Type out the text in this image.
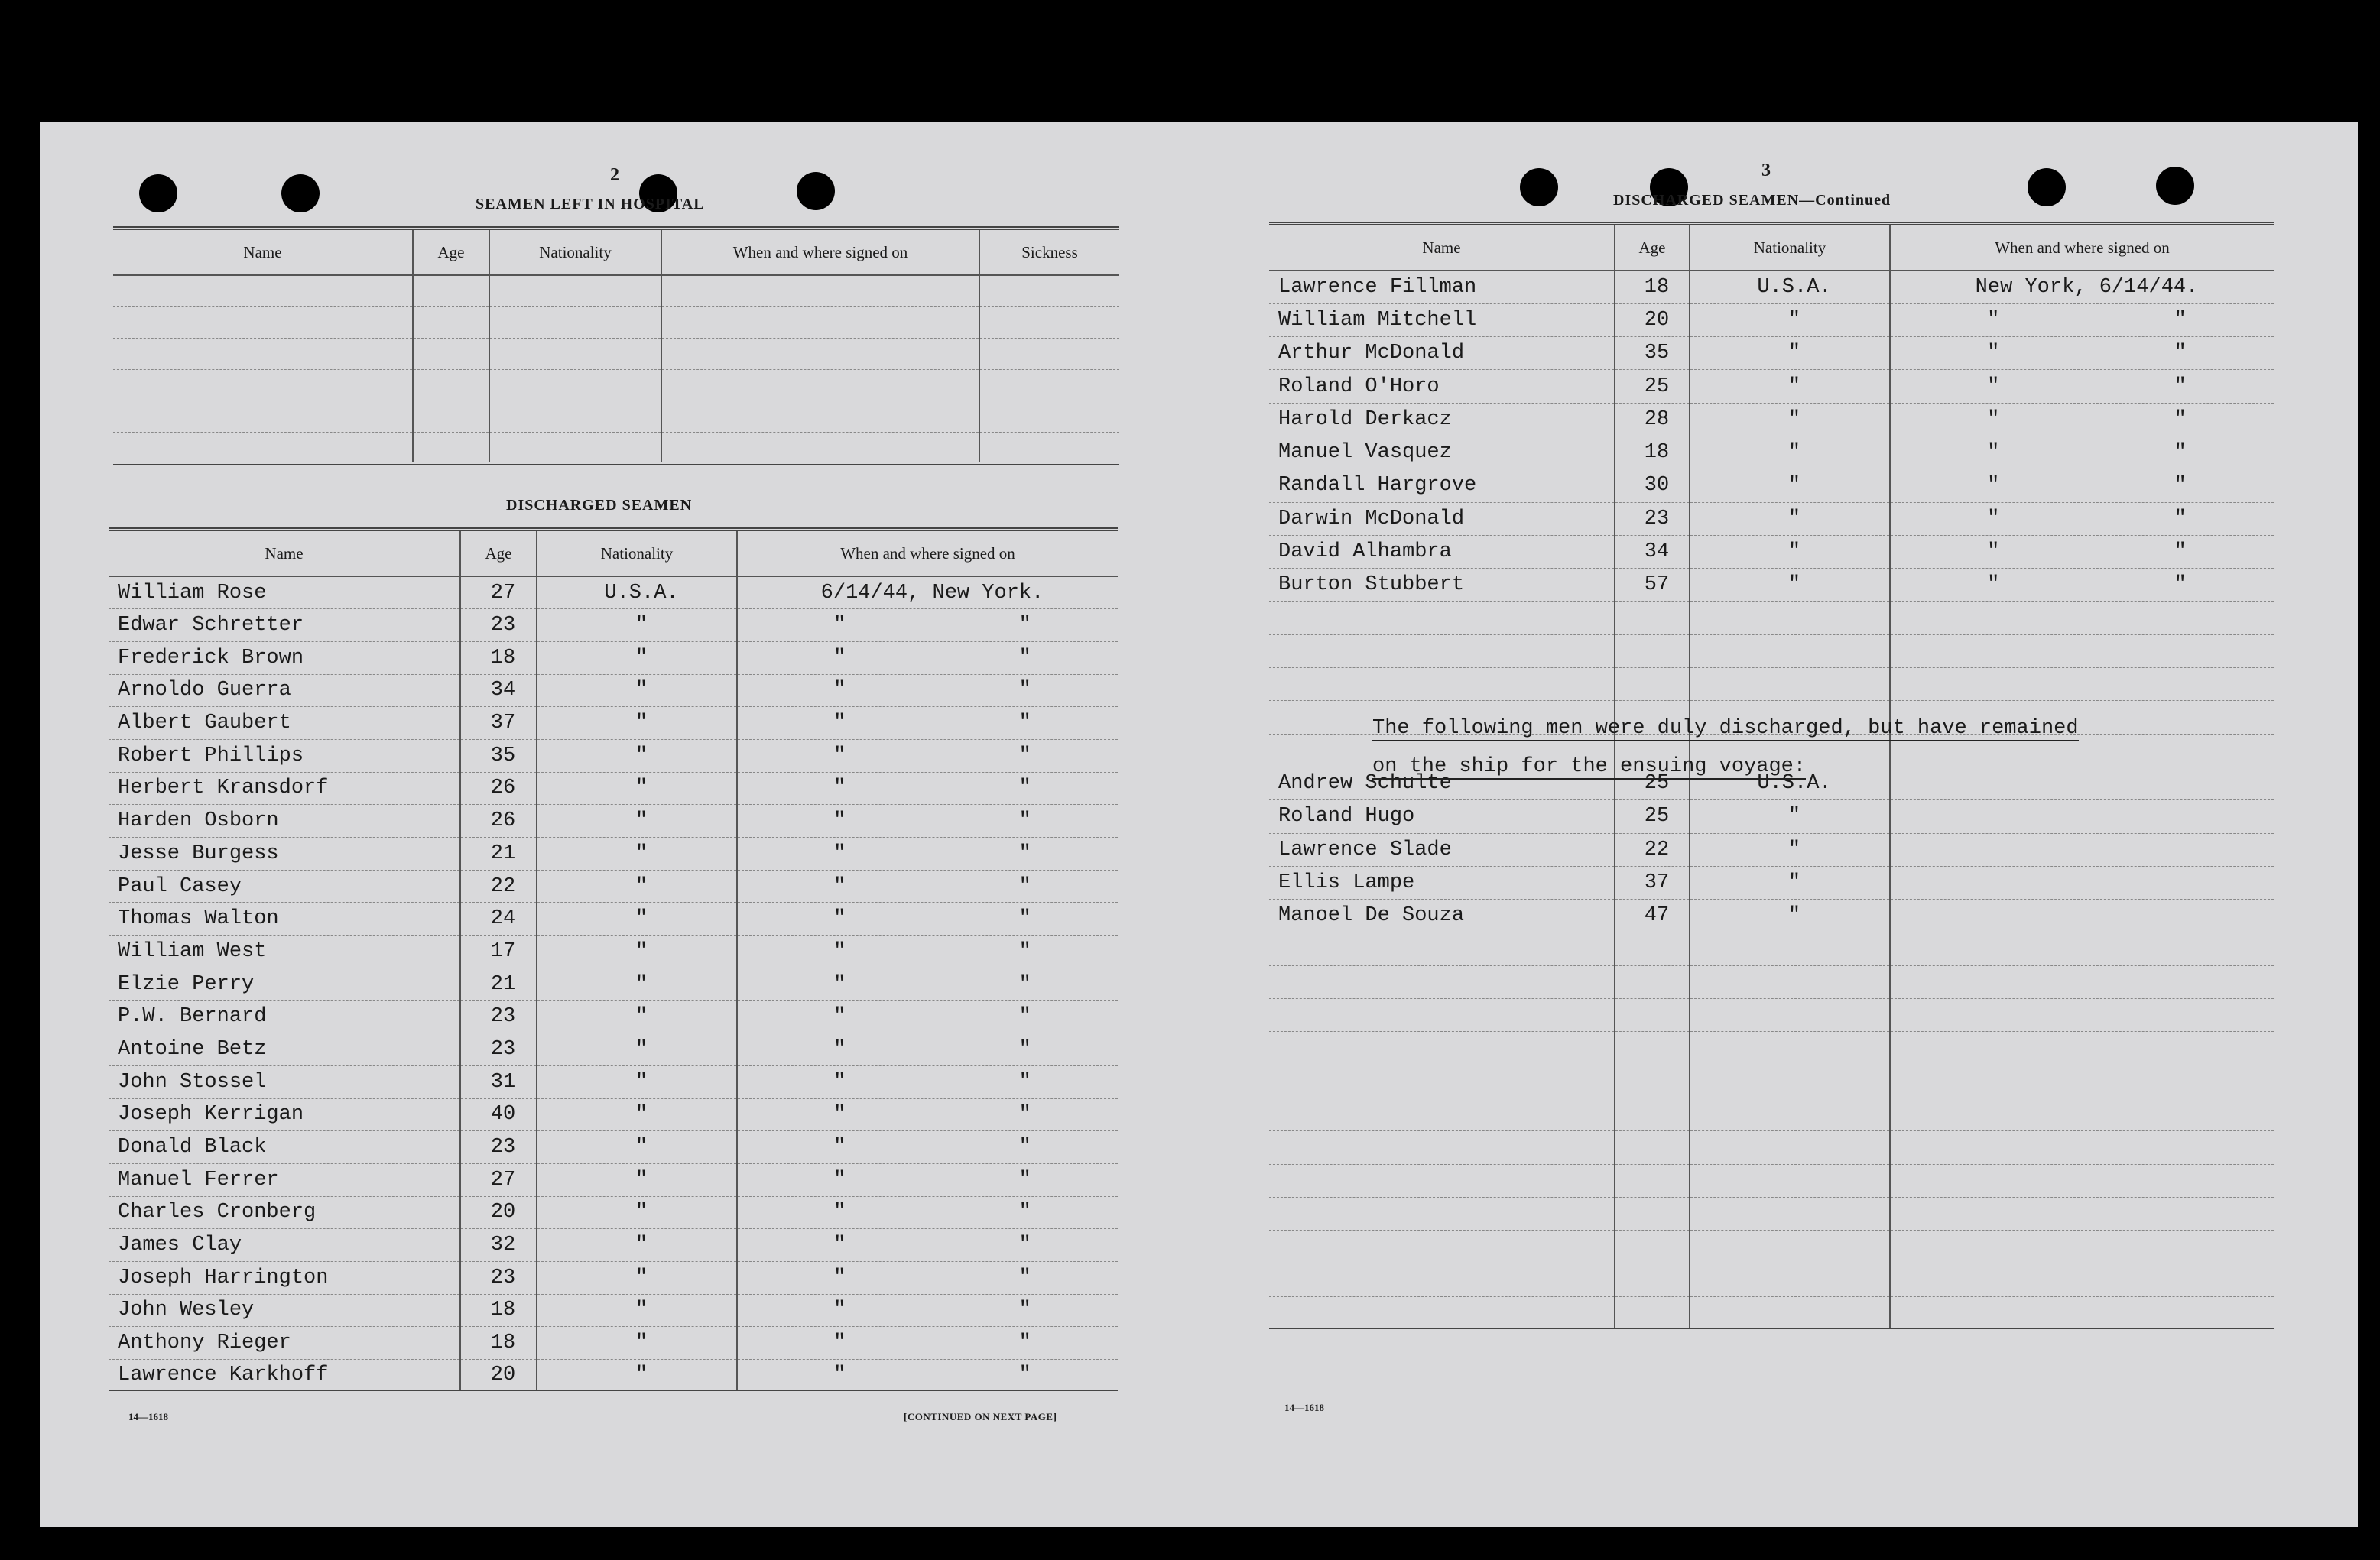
2
SEAMEN LEFT IN HOSPITAL
Name	Age	Nationality	When and where signed on	Sickness

DISCHARGED SEAMEN
Name	Age	Nationality	When and where signed on
William Rose	27	U.S.A.	6/14/44, New York.
Edwar Schretter	23	"	" "
Frederick Brown	18	"	" "
Arnoldo Guerra	34	"	" "
Albert Gaubert	37	"	" "
Robert Phillips	35	"	" "
Herbert Kransdorf	26	"	" "
Harden Osborn	26	"	" "
Jesse Burgess	21	"	" "
Paul Casey	22	"	" "
Thomas Walton	24	"	" "
William West	17	"	" "
Elzie Perry	21	"	" "
P.W. Bernard	23	"	" "
Antoine Betz	23	"	" "
John Stossel	31	"	" "
Joseph Kerrigan	40	"	" "
Donald Black	23	"	" "
Manuel Ferrer	27	"	" "
Charles Cronberg	20	"	" "
James Clay	32	"	" "
Joseph Harrington	23	"	" "
John Wesley	18	"	" "
Anthony Rieger	18	"	" "
Lawrence Karkhoff	20	"	" "
14—1618	[CONTINUED ON NEXT PAGE]
3
DISCHARGED SEAMEN—Continued
Name	Age	Nationality	When and where signed on
Lawrence Fillman	18	U.S.A.	New York, 6/14/44.
William Mitchell	20	"	" "
Arthur McDonald	35	"	" "
Roland O'Horo	25	"	" "
Harold Derkacz	28	"	" "
Manuel Vasquez	18	"	" "
Randall Hargrove	30	"	" "
Darwin McDonald	23	"	" "
David Alhambra	34	"	" "
Burton Stubbert	57	"	" "

Andrew Schulte	25	U.S.A.	
Roland Hugo	25	"	
Lawrence Slade	22	"	
Ellis Lampe	37	"	
Manoel De Souza	47	"	

The following men were duly discharged, but have remained
on the ship for the ensuing voyage:
14—1618
